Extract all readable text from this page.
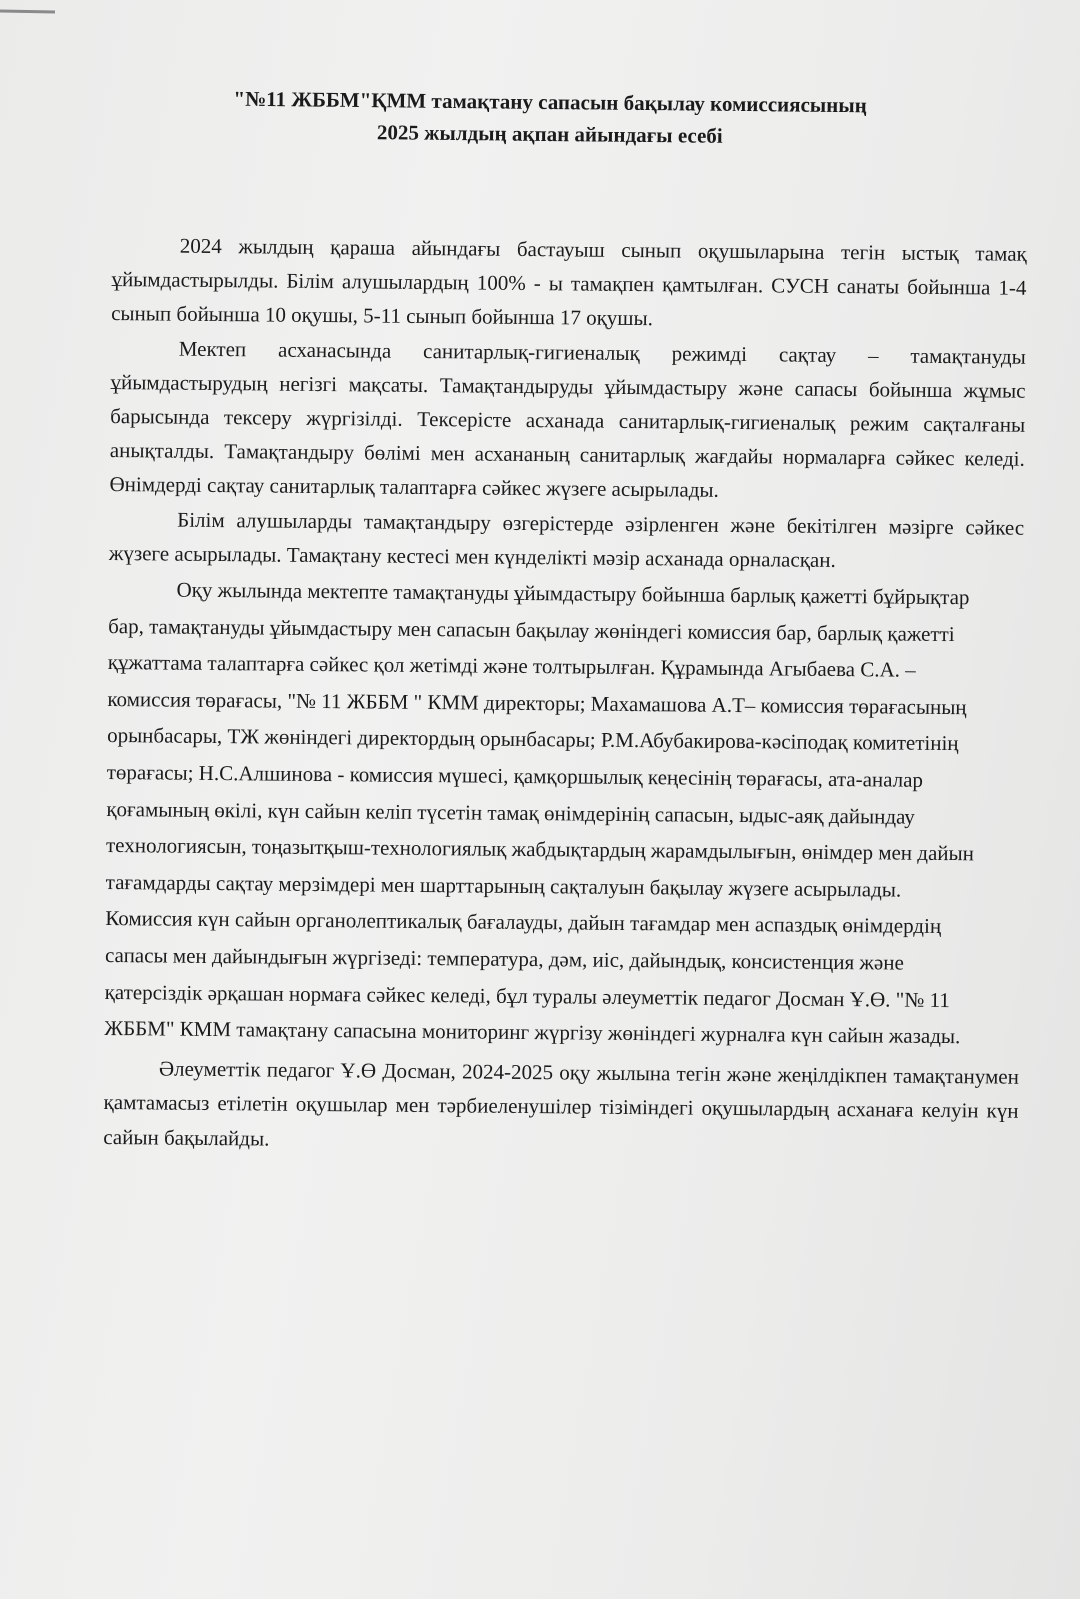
"№11 ЖББМ"ҚММ тамақтану сапасын бақылау комиссиясының
2025 жылдың ақпан айындағы есебі

2024 жылдың қараша айындағы бастауыш сынып оқушыларына тегін ыстық тамақ ұйымдастырылды. Білім алушылардың 100% - ы тамақпен қамтылған. СУСН санаты бойынша 1-4 сынып бойынша 10 оқушы, 5-11 сынып бойынша 17 оқушы.

Мектеп асханасында санитарлық-гигиеналық режимді сақтау – тамақтануды ұйымдастырудың негізгі мақсаты. Тамақтандыруды ұйымдастыру және сапасы бойынша жұмыс барысында тексеру жүргізілді. Тексерісте асханада санитарлық-гигиеналық режим сақталғаны анықталды. Тамақтандыру бөлімі мен асхананың санитарлық жағдайы нормаларға сәйкес келеді. Өнімдерді сақтау санитарлық талаптарға сәйкес жүзеге асырылады.

Білім алушыларды тамақтандыру өзгерістерде әзірленген және бекітілген мәзірге сәйкес жүзеге асырылады. Тамақтану кестесі мен күнделікті мәзір асханада орналасқан.

Оқу жылында мектепте тамақтануды ұйымдастыру бойынша барлық қажетті бұйрықтар бар, тамақтануды ұйымдастыру мен сапасын бақылау жөніндегі комиссия бар, барлық қажетті құжаттама талаптарға сәйкес қол жетімді және толтырылған. Құрамында Агыбаева С.А. – комиссия төрағасы, "№ 11 ЖББМ " КММ директоры; Махамашова А.Т– комиссия төрағасының орынбасары, ТЖ жөніндегі директордың орынбасары; Р.М.Абубакирова-кәсіподақ комитетінің төрағасы; Н.С.Алшинова - комиссия мүшесі, қамқоршылық кеңесінің төрағасы, ата-аналар қоғамының өкілі, күн сайын келіп түсетін тамақ өнімдерінің сапасын, ыдыс-аяқ дайындау технологиясын, тоңазытқыш-технологиялық жабдықтардың жарамдылығын, өнімдер мен дайын тағамдарды сақтау мерзімдері мен шарттарының сақталуын бақылау жүзеге асырылады. Комиссия күн сайын органолептикалық бағалауды, дайын тағамдар мен аспаздық өнімдердің сапасы мен дайындығын жүргізеді: температура, дәм, иіс, дайындық, консистенция және қатерсіздік әрқашан нормаға сәйкес келеді, бұл туралы әлеуметтік педагог Досман Ұ.Ө. "№ 11 ЖББМ" КММ тамақтану сапасына мониторинг жүргізу жөніндегі журналға күн сайын жазады.

Әлеуметтік педагог Ұ.Ө Досман, 2024-2025 оқу жылына тегін және жеңілдікпен тамақтанумен қамтамасыз етілетін оқушылар мен тәрбиеленушілер тізіміндегі оқушылардың асханаға келуін күн сайын бақылайды.
